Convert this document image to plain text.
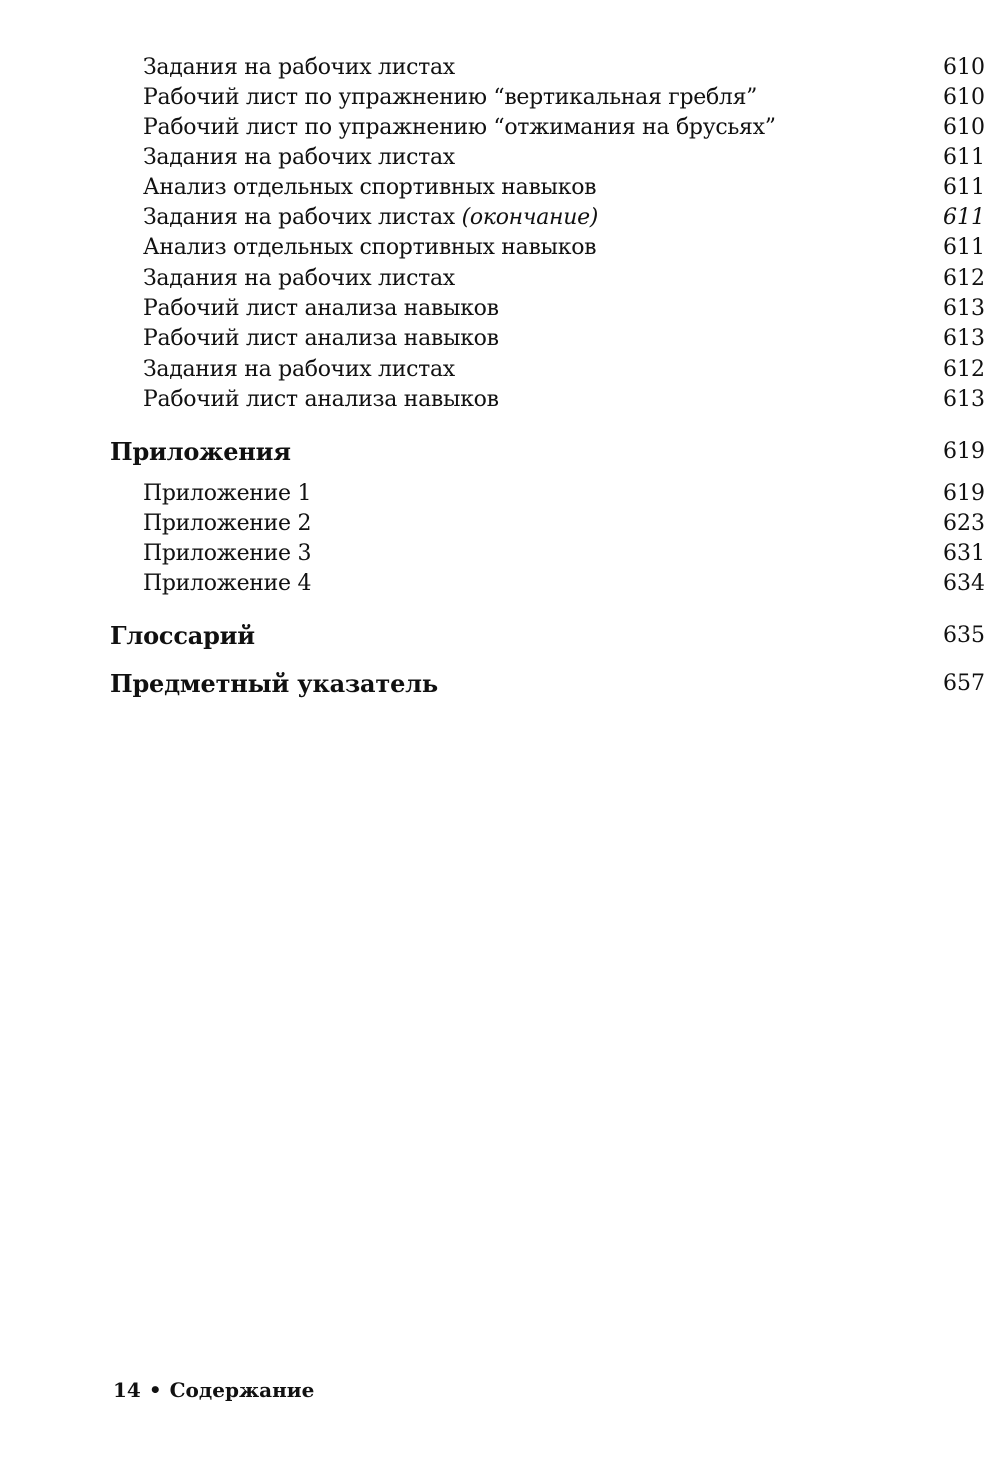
Задания на рабочих листах	610
Рабочий лист по упражнению “вертикальная гребля”	610
Рабочий лист по упражнению “отжимания на брусьях”	610
Задания на рабочих листах	611
Анализ отдельных спортивных навыков	611
Задания на рабочих листах (окончание)	611
Анализ отдельных спортивных навыков	611
Задания на рабочих листах	612
Рабочий лист анализа навыков	613
Рабочий лист анализа навыков	613
Задания на рабочих листах	612
Рабочий лист анализа навыков	613
Приложения	619
Приложение 1	619
Приложение 2	623
Приложение 3	631
Приложение 4	634
Глоссарий	635
Предметный указатель	657
14 • Содержание
